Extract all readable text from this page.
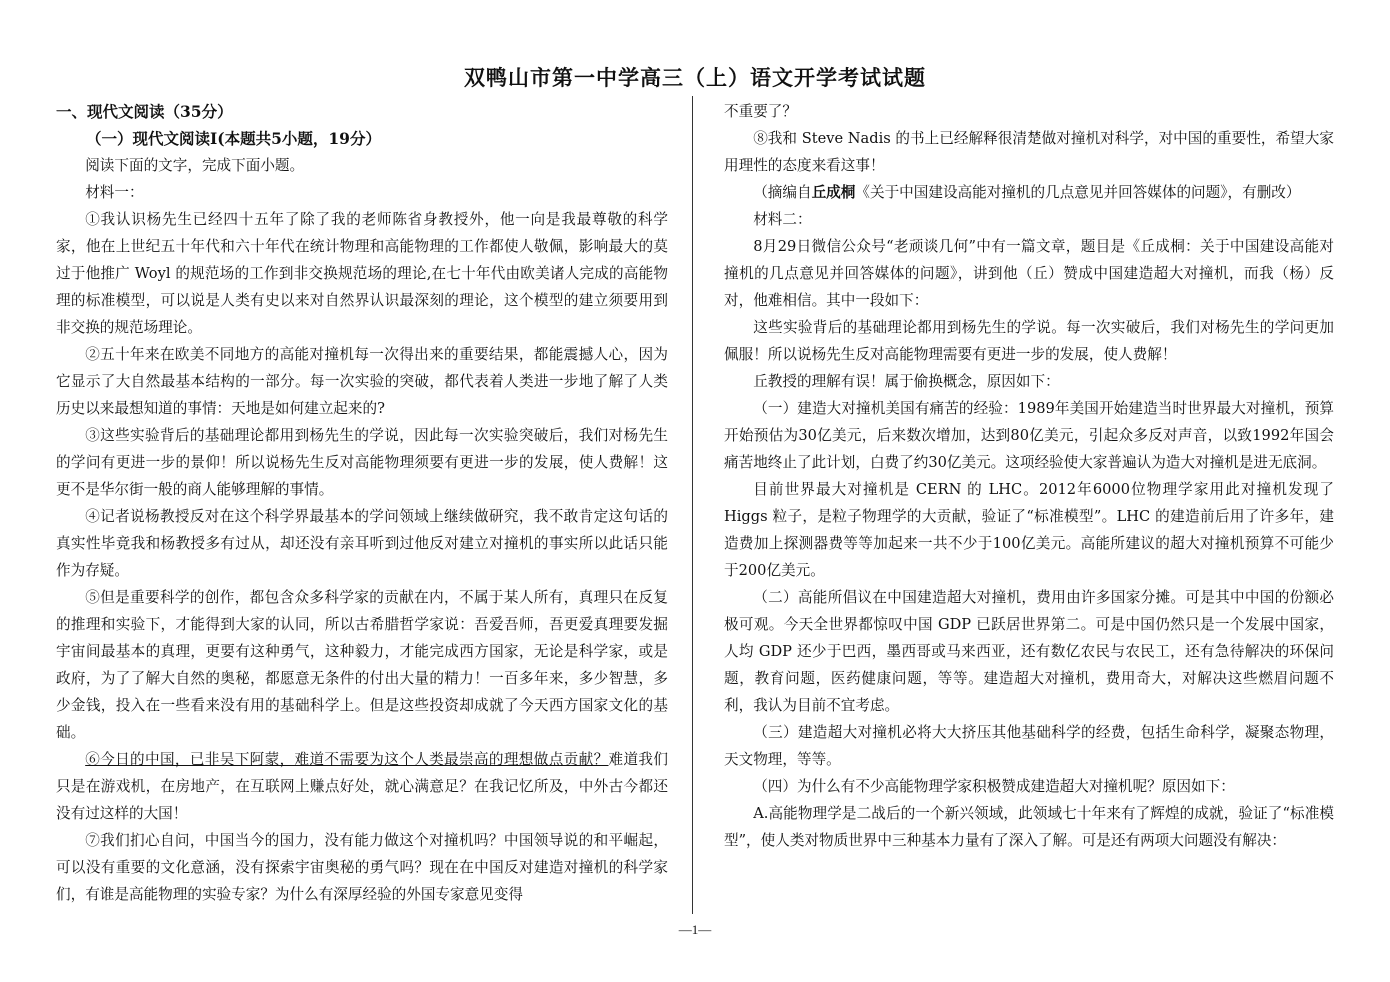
双鸭山市第一中学高三（上）语文开学考试试题

一、现代文阅读（35分）

（一）现代文阅读Ⅰ(本题共5小题，19分）

阅读下面的文字，完成下面小题。

材料一：

①我认识杨先生已经四十五年了除了我的老师陈省身教授外，他一向是我最尊敬的科学家，他在上世纪五十年代和六十年代在统计物理和高能物理的工作都使人敬佩，影响最大的莫过于他推广 Woyl 的规范场的工作到非交换规范场的理论,在七十年代由欧美诸人完成的高能物理的标准模型，可以说是人类有史以来对自然界认识最深刻的理论，这个模型的建立须要用到非交换的规范场理论。

②五十年来在欧美不同地方的高能对撞机每一次得出来的重要结果，都能震撼人心，因为它显示了大自然最基本结构的一部分。每一次实验的突破，都代表着人类进一步地了解了人类历史以来最想知道的事情：天地是如何建立起来的?

③这些实验背后的基础理论都用到杨先生的学说，因此每一次实验突破后，我们对杨先生的学问有更进一步的景仰！所以说杨先生反对高能物理须要有更进一步的发展，使人费解！这更不是华尔街一般的商人能够理解的事情。

④记者说杨教授反对在这个科学界最基本的学问领域上继续做研究，我不敢肯定这句话的真实性毕竟我和杨教授多有过从，却还没有亲耳听到过他反对建立对撞机的事实所以此话只能作为存疑。

⑤但是重要科学的创作，都包含众多科学家的贡献在内，不属于某人所有，真理只在反复的推理和实验下，才能得到大家的认同，所以古希腊哲学家说：吾爱吾师，吾更爱真理要发掘宇宙间最基本的真理，更要有这种勇气，这种毅力，才能完成西方国家，无论是科学家，或是政府，为了了解大自然的奥秘，都愿意无条件的付出大量的精力！一百多年来，多少智慧，多少金钱，投入在一些看来没有用的基础科学上。但是这些投资却成就了今天西方国家文化的基础。

⑥今日的中国，已非吴下阿蒙，难道不需要为这个人类最崇高的理想做点贡献？难道我们只是在游戏机，在房地产，在互联网上赚点好处，就心满意足？在我记忆所及，中外古今都还没有过这样的大国！

⑦我们扪心自问，中国当今的国力，没有能力做这个对撞机吗？中国领导说的和平崛起，可以没有重要的文化意涵，没有探索宇宙奥秘的勇气吗？现在在中国反对建造对撞机的科学家们，有谁是高能物理的实验专家？为什么有深厚经验的外国专家意见变得

不重要了？

⑧我和 Steve Nadis 的书上已经解释很清楚做对撞机对科学，对中国的重要性，希望大家用理性的态度来看这事！

（摘编自丘成桐《关于中国建设高能对撞机的几点意见并回答媒体的问题》，有删改）

材料二：

8月29日微信公众号“老顽谈几何”中有一篇文章，题目是《丘成桐：关于中国建设高能对撞机的几点意见并回答媒体的问题》，讲到他（丘）赞成中国建造超大对撞机，而我（杨）反对，他难相信。其中一段如下：

这些实验背后的基础理论都用到杨先生的学说。每一次实破后，我们对杨先生的学问更加佩服！所以说杨先生反对高能物理需要有更进一步的发展，使人费解！

丘教授的理解有误！属于偷换概念，原因如下：

（一）建造大对撞机美国有痛苦的经验：1989年美国开始建造当时世界最大对撞机，预算开始预估为30亿美元，后来数次增加，达到80亿美元，引起众多反对声音，以致1992年国会痛苦地终止了此计划，白费了约30亿美元。这项经验使大家普遍认为造大对撞机是进无底洞。

目前世界最大对撞机是 CERN 的 LHC。2012年6000位物理学家用此对撞机发现了 Higgs 粒子，是粒子物理学的大贡献，验证了“标准模型”。LHC 的建造前后用了许多年，建造费加上探测器费等等加起来一共不少于100亿美元。高能所建议的超大对撞机预算不可能少于200亿美元。

（二）高能所倡议在中国建造超大对撞机，费用由许多国家分摊。可是其中中国的份额必极可观。今天全世界都惊叹中国 GDP 已跃居世界第二。可是中国仍然只是一个发展中国家，人均 GDP 还少于巴西，墨西哥或马来西亚，还有数亿农民与农民工，还有急待解决的环保问题，教育问题，医药健康问题，等等。建造超大对撞机，费用奇大，对解决这些燃眉问题不利，我认为目前不宜考虑。

（三）建造超大对撞机必将大大挤压其他基础科学的经费，包括生命科学，凝聚态物理，天文物理，等等。

（四）为什么有不少高能物理学家积极赞成建造超大对撞机呢？原因如下：

A.高能物理学是二战后的一个新兴领域，此领域七十年来有了辉煌的成就，验证了“标准模型”，使人类对物质世界中三种基本力量有了深入了解。可是还有两项大问题没有解决：

—1—
